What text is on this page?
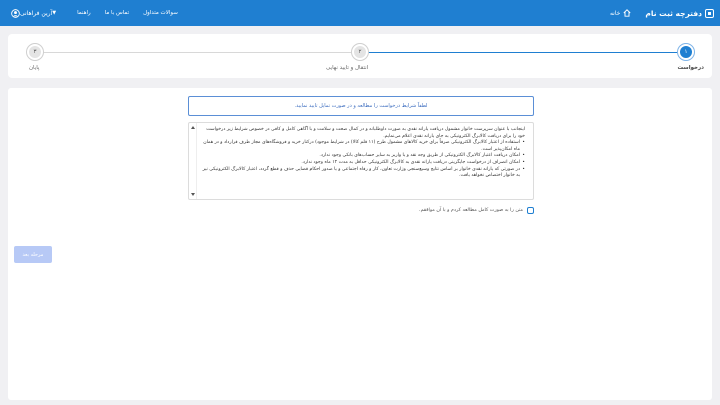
دفترچه ثبت نام
خانه
آرین فراهانی ▼	راهنما	تماس با ما	سوالات متداول
۱
درخواست
۲
انتقال و تایید نهایی
۳
پایان
لطفاً شرایط درخواست را مطالعه و در صورت تمایل تایید نمایید.

اینجانب با عنوان سرپرست خانوار مشمول دریافت یارانه نقدی به صورت داوطلبانه و در کمال صحت و سلامت و با آگاهی کامل و کافی در خصوص شرایط زیر درخواست خود را برای دریافت کالابرگ الکترونیکی به جای یارانه نقدی اعلام می‌نمایم.

• استفاده از اعتبار کالابرگ الکترونیکی صرفاً برای خرید کالاهای مشمول طرح (۱۱ قلم کالا) در شرایط موجود) درکنار خرید و فروشگاه‌های مجاز طرف قرارداد و در همان ماه امکان‌پذیر است.
• امکان دریافت اعتبار کالابرگ الکترونیکی از طریق وجه نقد و یا واریز به سایر حساب‌های بانکی وجود ندارد.
• امکان انصراف از درخواست جایگزینی دریافت یارانه نقدی به کالابرگ الکترونیکی حداقل به مدت ۱۲ ماه وجود ندارد.
• در صورتی که یارانه نقدی خانوار بر اساس نتایج وسیع‌سنجی وزارت تعاون، کار و رفاه اجتماعی و یا صدور احکام قضایی حذف و قطع گردد، اعتبار کالابرگ الکترونیکی نیز به خانوار اختصاص نخواهد یافت.
متن را به صورت کامل مطالعه کردم و با آن موافقم.
مرحله بعد
